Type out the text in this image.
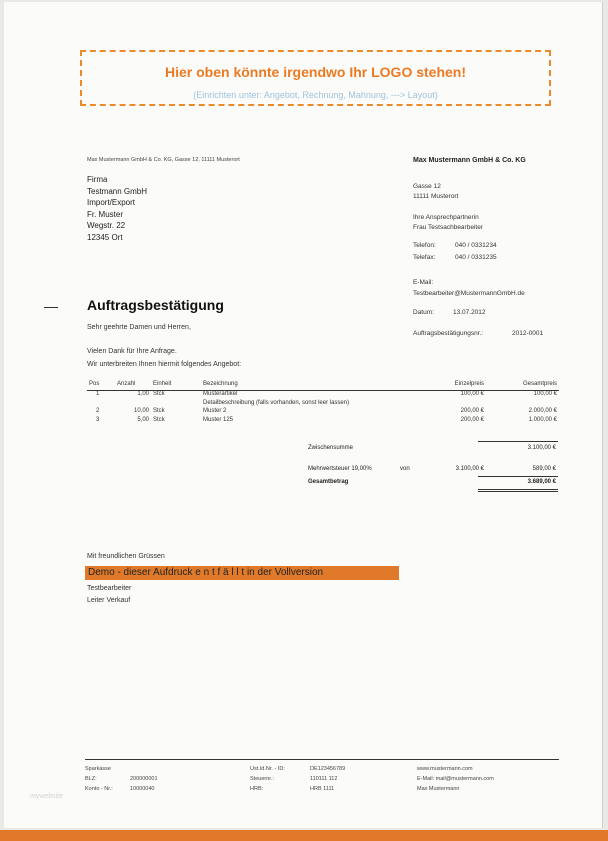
Hier oben könnte irgendwo Ihr LOGO stehen!
(Einrichten unter: Angebot, Rechnung, Mahnung, ---> Layout)
Max Mustermann GmbH & Co. KG, Gasse 12, 11111 Musterort
Firma
Testmann GmbH
Import/Export
Fr. Muster
Wegstr. 22
12345 Ort
Max Mustermann GmbH & Co. KG
Gasse 12
11111 Musterort
Ihre Ansprechpartnerin
Frau Testsachbearbeiter
Telefon:	040 / 0331234
Telefax:	040 / 0331235
E-Mail:
Testbearbeiter@MustermannGmbH.de
Datum:	13.07.2012
Auftragsbestätigungsnr.:	2012-0001
Auftragsbestätigung
Sehr geehrte Damen und Herren,
Vielen Dank für Ihre Anfrage.
Wir unterbreiten Ihnen hiermit folgendes Angebot:
Pos	Anzahl	Einheit	Bezeichnung	Einzelpreis	Gesamtpreis
1	1,00	Stck	Musterartikel	100,00 €	100,00 €
			Detailbeschreibung (falls vorhanden, sonst leer lassen)		
2	10,00	Stck	Muster 2	200,00 €	2.000,00 €
3	5,00	Stck	Muster 125	200,00 €	1.000,00 €
Zwischensumme	3.100,00 €
Mehrwertsteuer 19,00%	von	3.100,00 €	589,00 €
Gesamtbetrag	3.689,00 €
Mit freundlichen Grüssen
Demo - dieser Aufdruck e n t f ä l l t in der Vollversion
Testbearbeiter
Leiter Verkauf
Sparkasse
BLZ:	200000001
Konto - Nr.:	10000040
Ust.Id.Nr. - ID:	DE123456789
Steuernr.:	110111 112
HRB:	HRB 1111
www.mustermann.com
E-Mail: mail@mustermann.com
Max Mustermann
mywebsite
